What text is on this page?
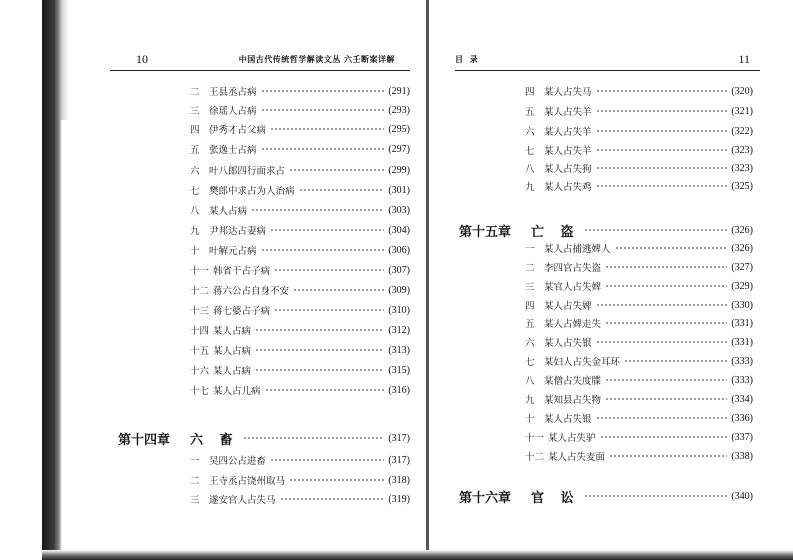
10	中国古代传统哲学解读文丛 六壬断案详解
二 王县丞占病	(291)
三 徐瑶人占病	(293)
四 伊秀才占父病	(295)
五 张逸士占病	(297)
六 叶八郎四行面求占	(299)
七 樊郎中求占为人治病	(301)
八 某人占病	(303)
九 尹邦达占妻病	(304)
十 叶解元占病	(306)
十一 韩省干占子病	(307)
十二 蒋六公占自身不安	(309)
十三 蒋七婆占子病	(310)
十四 某人占病	(312)
十五 某人占病	(313)
十六 某人占病	(315)
十七 某人占儿病	(316)
第十四章 六 畜	(317)
一 吴四公占进畜	(317)
二 王寺丞占饶州取马	(318)
三 遂安官人占失马	(319)
目 录	11
四 某人占失马	(320)
五 某人占失羊	(321)
六 某人占失羊	(322)
七 某人占失羊	(323)
八 某人占失狗	(323)
九 某人占失鸡	(325)
第十五章 亡 盗	(326)
一 某人占捕逃婢人	(326)
二 李四官占失盗	(327)
三 某官人占失婢	(329)
四 某人占失婢	(330)
五 某人占婢走失	(331)
六 某人占失银	(331)
七 某妇人占失金耳环	(333)
八 某僧占失度牒	(333)
九 某知县占失物	(334)
十 某人占失银	(336)
十一 某人占失驴	(337)
十二 某人占失麦面	(338)
第十六章 官 讼	(340)
